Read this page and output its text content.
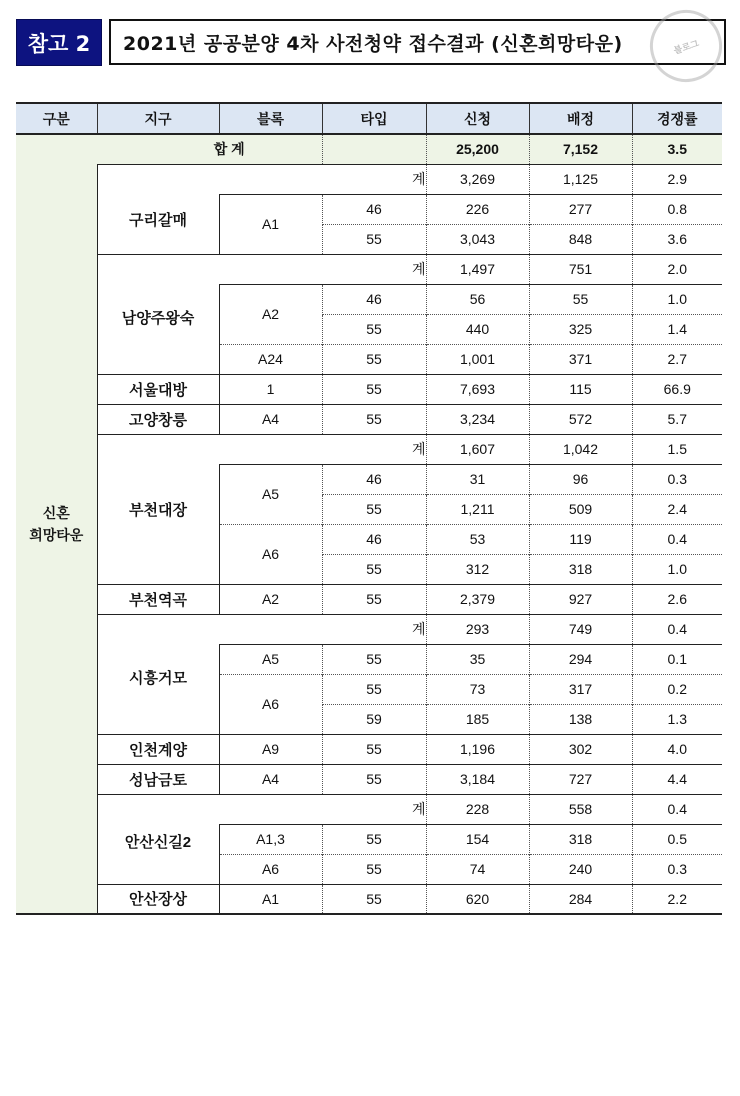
참고 2	2021년 공공분양 4차 사전청약 접수결과 (신혼희망타운)	블로그
구분	지구	블록	타입	신청	배정	경쟁률

신혼
희망타운	합 계			25,200	7,152	3.5
	구리갈매	계		3,269	1,125	2.9
		A1	46	226	277	0.8
			55	3,043	848	3.6
	남양주왕숙	계		1,497	751	2.0
		A2	46	56	55	1.0
			55	440	325	1.4
		A24	55	1,001	371	2.7
	서울대방	1	55	7,693	115	66.9
	고양창릉	A4	55	3,234	572	5.7
	부천대장	계		1,607	1,042	1.5
		A5	46	31	96	0.3
			55	1,211	509	2.4
		A6	46	53	119	0.4
			55	312	318	1.0
	부천역곡	A2	55	2,379	927	2.6
	시흥거모	계		293	749	0.4
		A5	55	35	294	0.1
		A6	55	73	317	0.2
			59	185	138	1.3
	인천계양	A9	55	1,196	302	4.0
	성남금토	A4	55	3,184	727	4.4
	안산신길2	계		228	558	0.4
		A1,3	55	154	318	0.5
		A6	55	74	240	0.3
	안산장상	A1	55	620	284	2.2
